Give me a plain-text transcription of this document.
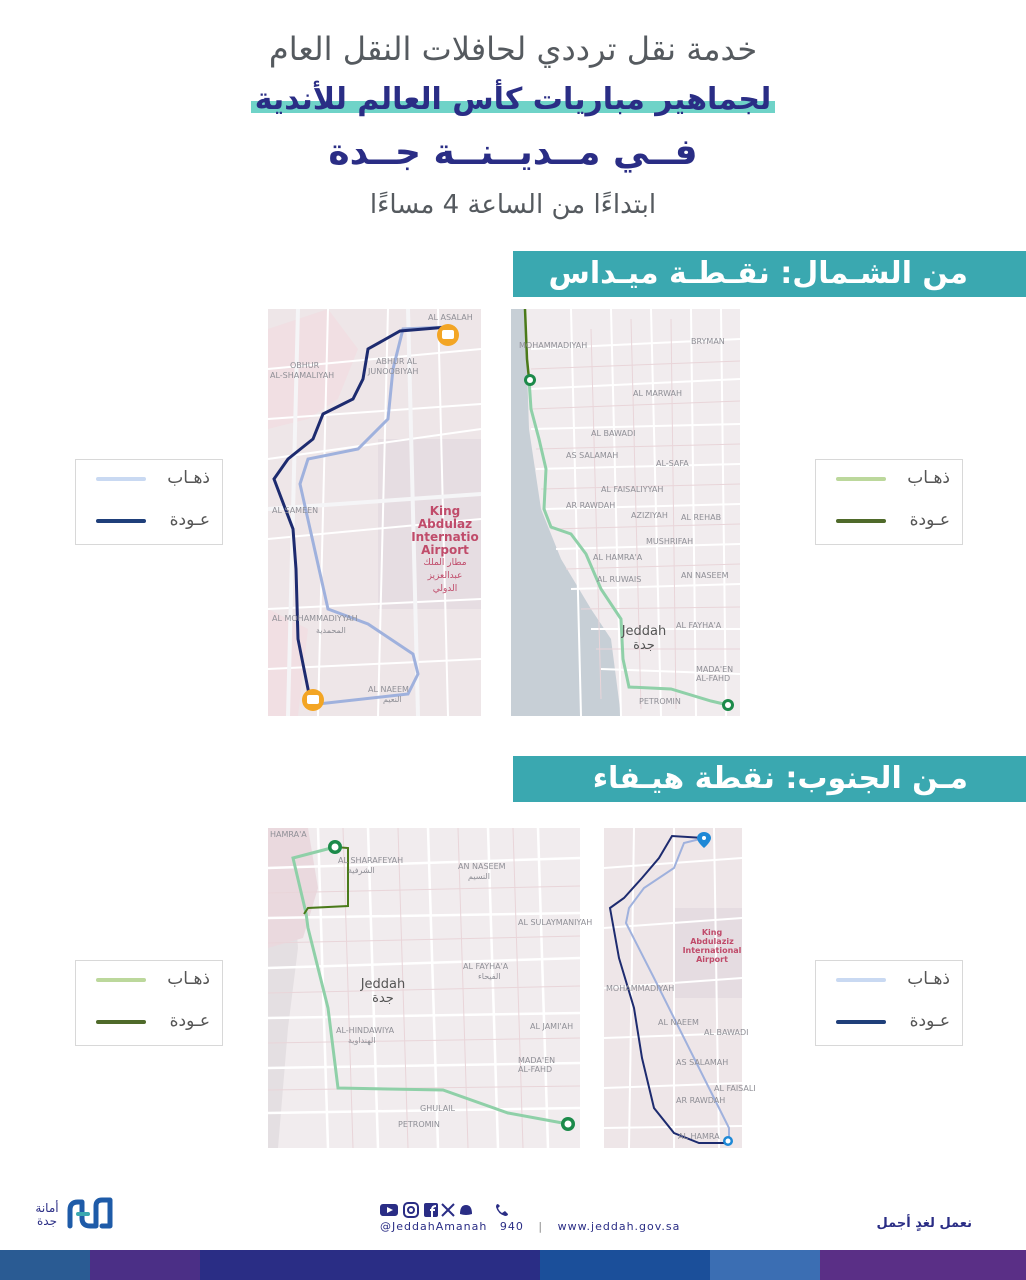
خدمة نقل ترددي لحافلات النقل العام
لجماهير مباريات كأس العالم للأندية
فــي مــديــنــة جــدة
ابتداءًا من الساعة 4 مساءًا
من الشـمال: نقـطـة ميـداس
ذهـاب
عـودة
ذهـاب
عـودة
AL ASALAH
OBHUR
AL-SHAMALIYAH
ABHUR AL
JUNOOBIYAH
AL SAMEEN
AL MOHAMMADIYYAH
المحمدية
AL NAEEM
النعيم
King
Abdulaz
Internatio
Airport
مطار الملك
عبدالعزيز
الدولي
MOHAMMADIYAH	BRYMAN
AL MARWAH
AL BAWADI
AS SALAMAH
AL-SAFA
AL FAISALIYYAH
AR RAWDAH
AZIZIYAH AL REHAB
MUSHRIFAH
AL HAMRA'A
AL RUWAIS	AN NASEEM
AL FAYHA'A
MADA'EN AL-FAHD
PETROMIN
Jeddah
جدة
مـن الجنوب: نقطة هيـفاء مـول
ذهـاب
عـودة
ذهـاب
عـودة
HAMRA'A
AL SHARAFEYAH
الشرفية	AN NASEEM
النسيم
AL SULAYMANIYAH
AL FAYHA'A
الفيحاء
AL-HINDAWIYA
الهنداوية
AL JAMI'AH
MADA'EN AL-FAHD
PETROMIN
GHULAIL
Jeddah
جدة
MOHAMMADIYAH
AL NAEEM
AL BAWADI
AS SALAMAH
AL FAISALI
AR RAWDAH
AL HAMRA
King
Abdulaziz
International
Airport
أمانة
جدة	@JeddahAmanah 940 | www.jeddah.gov.sa	نعمل لغدٍ أجمل
